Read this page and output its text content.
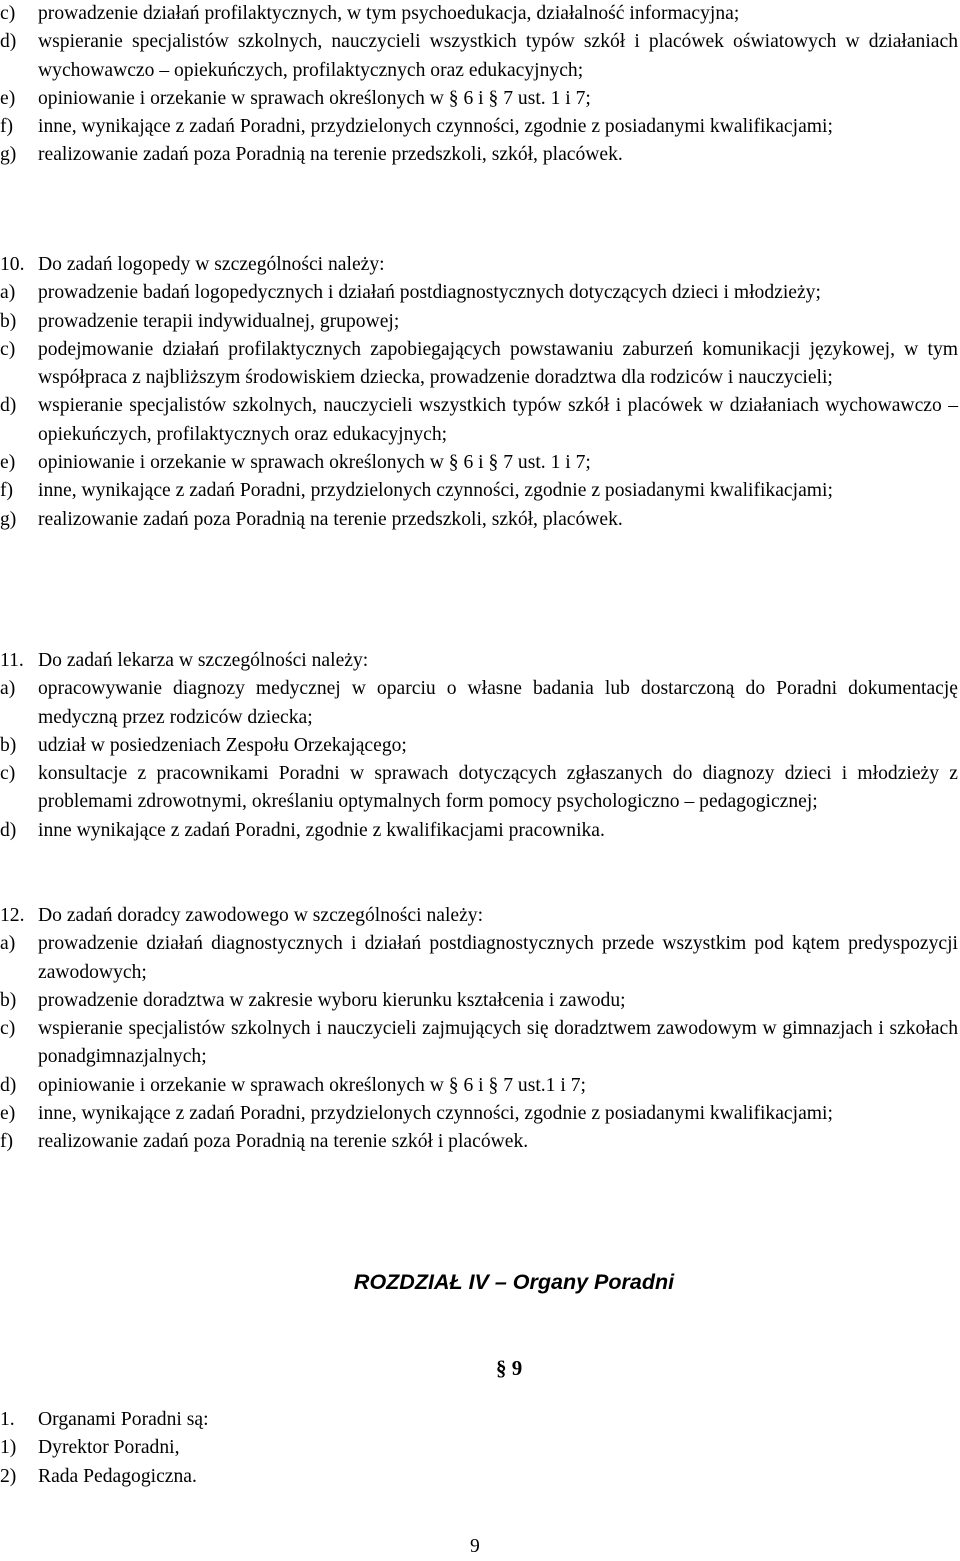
c) prowadzenie działań profilaktycznych, w tym psychoedukacja, działalność informacyjna;
d) wspieranie specjalistów szkolnych, nauczycieli wszystkich typów szkół i placówek oświatowych w działaniach wychowawczo – opiekuńczych, profilaktycznych oraz edukacyjnych;
e) opiniowanie i orzekanie w sprawach określonych w § 6 i § 7 ust. 1 i 7;
f) inne, wynikające z zadań Poradni, przydzielonych czynności, zgodnie z posiadanymi kwalifikacjami;
g) realizowanie zadań poza Poradnią na terenie przedszkoli, szkół, placówek.
10. Do zadań logopedy w szczególności należy:
a) prowadzenie badań logopedycznych i działań postdiagnostycznych dotyczących dzieci i młodzieży;
b) prowadzenie terapii indywidualnej, grupowej;
c) podejmowanie działań profilaktycznych zapobiegających powstawaniu zaburzeń komunikacji językowej, w tym współpraca z najbliższym środowiskiem dziecka, prowadzenie doradztwa dla rodziców i nauczycieli;
d) wspieranie specjalistów szkolnych, nauczycieli wszystkich typów szkół i placówek w działaniach wychowawczo – opiekuńczych, profilaktycznych oraz edukacyjnych;
e) opiniowanie i orzekanie w sprawach określonych w § 6 i § 7 ust. 1 i 7;
f) inne, wynikające z zadań Poradni, przydzielonych czynności, zgodnie z posiadanymi kwalifikacjami;
g) realizowanie zadań poza Poradnią na terenie przedszkoli, szkół, placówek.
11. Do zadań lekarza w szczególności należy:
a) opracowywanie diagnozy medycznej w oparciu o własne badania lub dostarczoną do Poradni dokumentację medyczną przez rodziców dziecka;
b) udział w posiedzeniach Zespołu Orzekającego;
c) konsultacje z pracownikami Poradni w sprawach dotyczących zgłaszanych do diagnozy dzieci i młodzieży z problemami zdrowotnymi, określaniu optymalnych form pomocy psychologiczno – pedagogicznej;
d) inne wynikające z zadań Poradni, zgodnie z kwalifikacjami pracownika.
12. Do zadań doradcy zawodowego w szczególności należy:
a) prowadzenie działań diagnostycznych i działań postdiagnostycznych przede wszystkim pod kątem predyspozycji zawodowych;
b) prowadzenie doradztwa w zakresie wyboru kierunku kształcenia i zawodu;
c) wspieranie specjalistów szkolnych i nauczycieli zajmujących się doradztwem zawodowym w gimnazjach i szkołach ponadgimnazjalnych;
d) opiniowanie i orzekanie w sprawach określonych w § 6 i § 7 ust.1 i 7;
e) inne, wynikające z zadań Poradni, przydzielonych czynności, zgodnie z posiadanymi kwalifikacjami;
f) realizowanie zadań poza Poradnią na terenie szkół i placówek.
ROZDZIAŁ IV – Organy Poradni
§ 9
1. Organami Poradni są:
1) Dyrektor Poradni,
2) Rada Pedagogiczna.
9
